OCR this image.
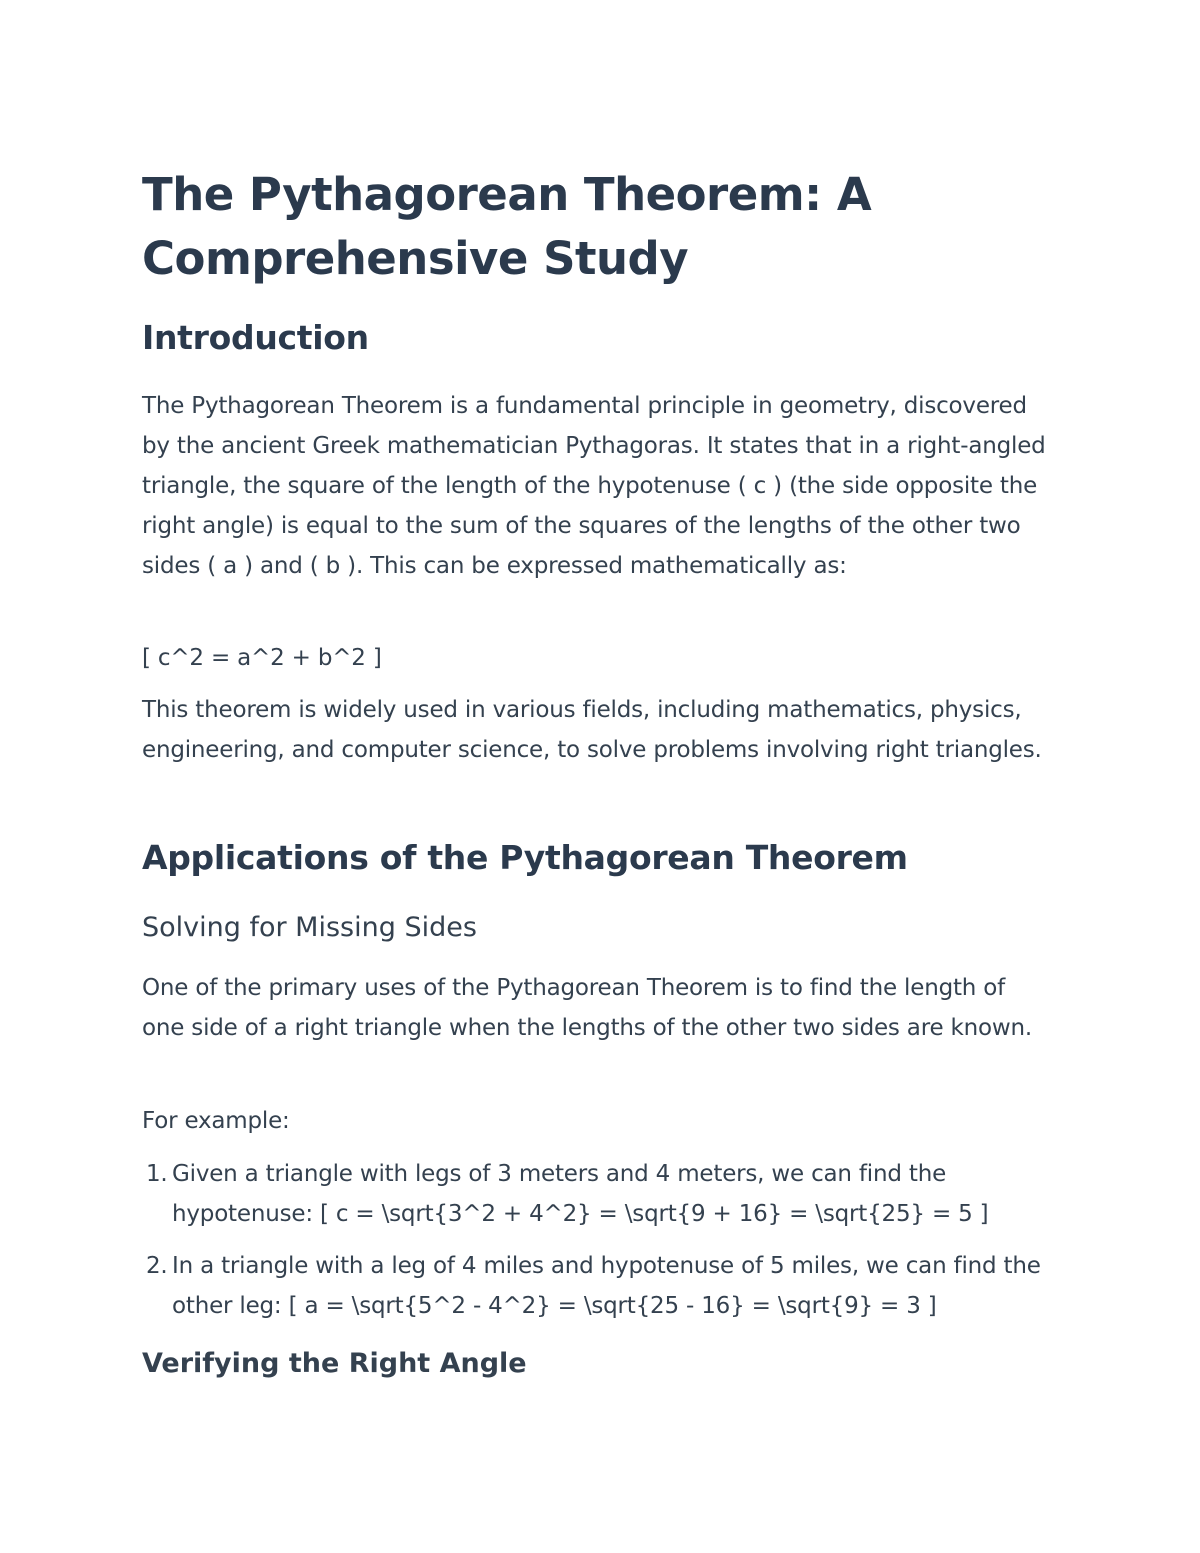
The Pythagorean Theorem: A Comprehensive Study
Introduction

The Pythagorean Theorem is a fundamental principle in geometry, discovered by the ancient Greek mathematician Pythagoras. It states that in a right-angled triangle, the square of the length of the hypotenuse ( c ) (the side opposite the right angle) is equal to the sum of the squares of the lengths of the other two sides ( a ) and ( b ). This can be expressed mathematically as:

[ c^2 = a^2 + b^2 ]

This theorem is widely used in various fields, including mathematics, physics, engineering, and computer science, to solve problems involving right triangles.

Applications of the Pythagorean Theorem
Solving for Missing Sides

One of the primary uses of the Pythagorean Theorem is to find the length of one side of a right triangle when the lengths of the other two sides are known.

For example:

1. Given a triangle with legs of 3 meters and 4 meters, we can find the hypotenuse: [ c = \sqrt{3^2 + 4^2} = \sqrt{9 + 16} = \sqrt{25} = 5 ]
2. In a triangle with a leg of 4 miles and hypotenuse of 5 miles, we can find the other leg: [ a = \sqrt{5^2 - 4^2} = \sqrt{25 - 16} = \sqrt{9} = 3 ]
Verifying the Right Angle
